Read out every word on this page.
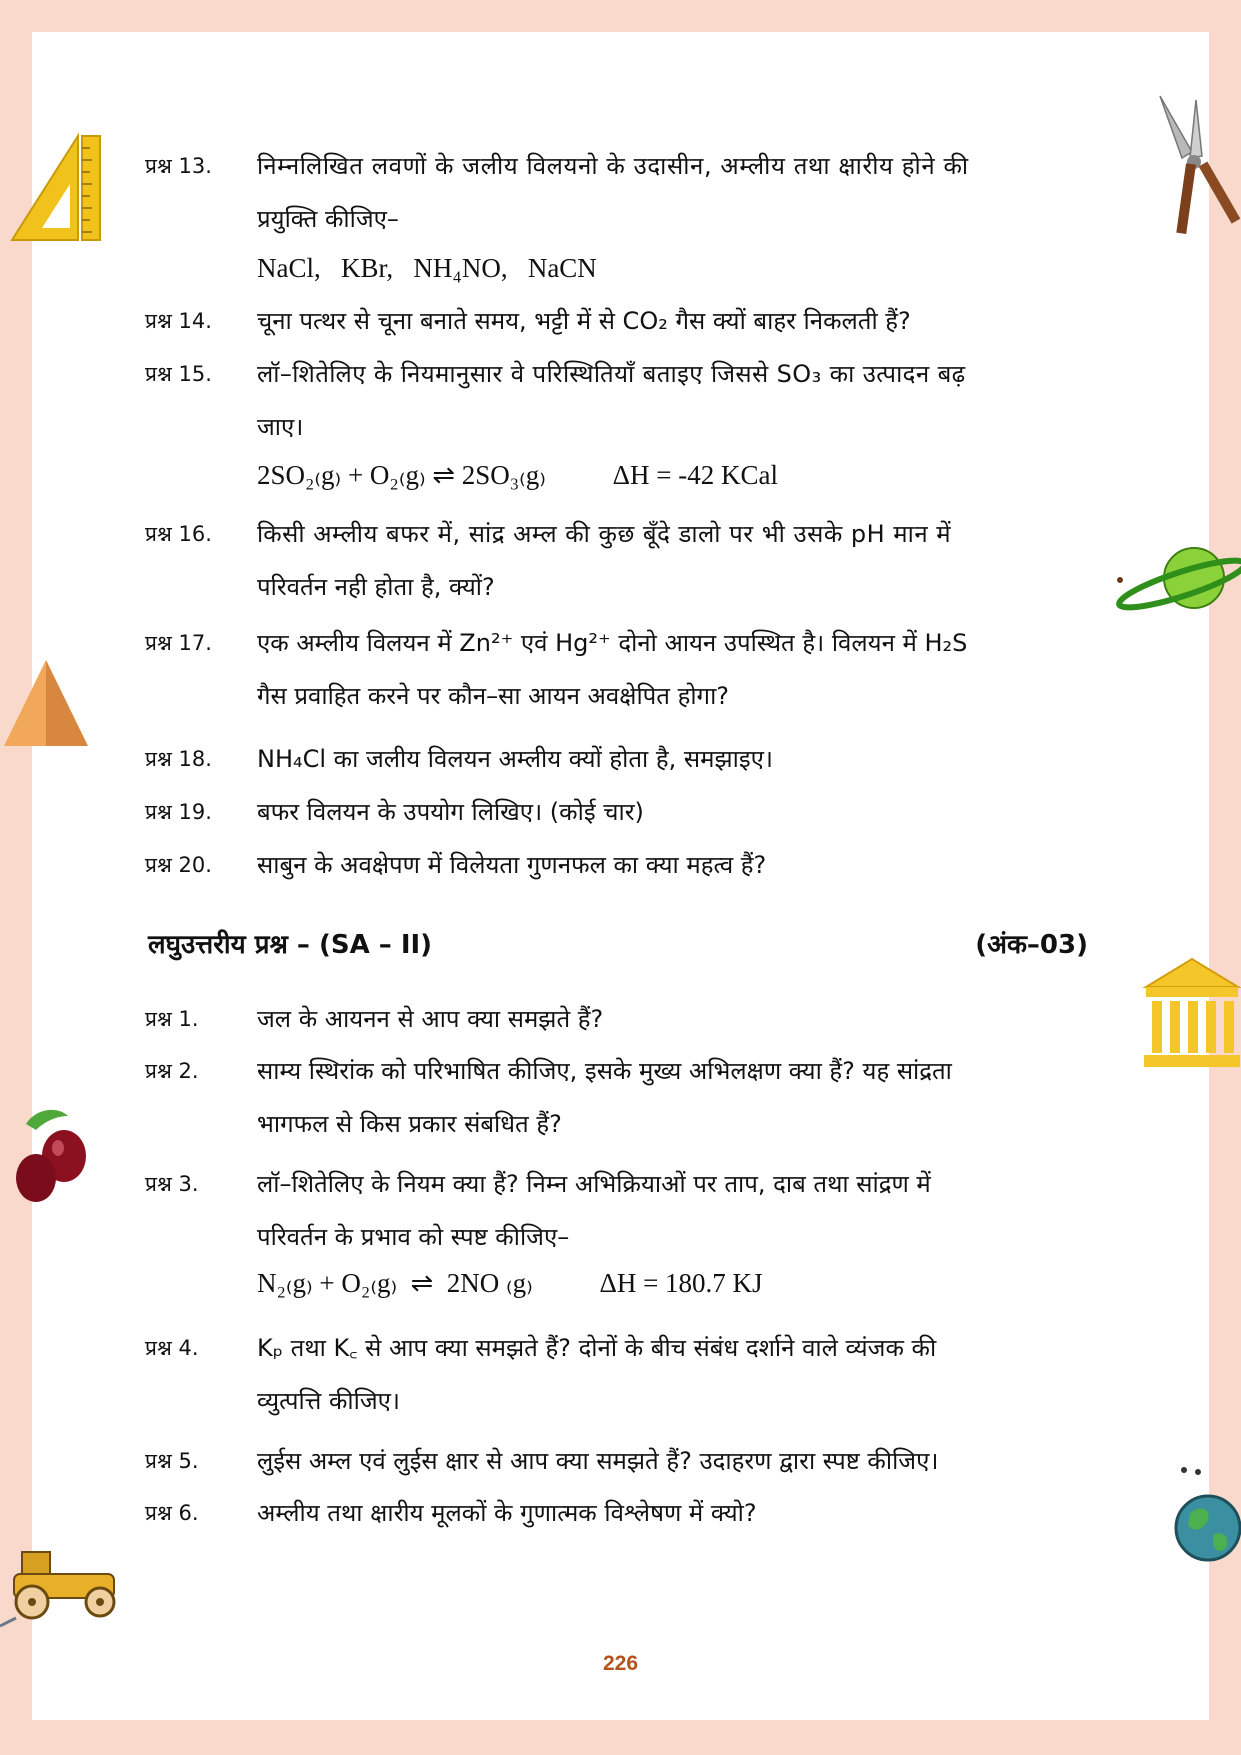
प्रश्न 13.	निम्नलिखित लवणों के जलीय विलयनो के उदासीन, अम्लीय तथा क्षारीय होने की
प्रयुक्ति कीजिए–
NaCl,   KBr,   NH₄NO,   NaCN
प्रश्न 14.	चूना पत्थर से चूना बनाते समय, भट्टी में से CO₂ गैस क्यों बाहर निकलती हैं?
प्रश्न 15.	लॉ–शितेलिए के नियमानुसार वे परिस्थितियाँ बताइए जिससे SO₃ का उत्पादन बढ़
जाए।
2SO₂₍g₎ + O₂₍g₎ ⇌ 2SO₃₍g₎ ΔH = -42 KCal
प्रश्न 16.	किसी अम्लीय बफर में, सांद्र अम्ल की कुछ बूँदे डालो पर भी उसके pH मान में
परिवर्तन नही होता है, क्यों?
प्रश्न 17.	एक अम्लीय विलयन में Zn²⁺ एवं Hg²⁺ दोनो आयन उपस्थित है। विलयन में H₂S
गैस प्रवाहित करने पर कौन–सा आयन अवक्षेपित होगा?
प्रश्न 18.	NH₄Cl का जलीय विलयन अम्लीय क्यों होता है, समझाइए।
प्रश्न 19.	बफर विलयन के उपयोग लिखिए। (कोई चार)
प्रश्न 20.	साबुन के अवक्षेपण में विलेयता गुणनफल का क्या महत्व हैं?
लघुउत्तरीय प्रश्न – (SA – II)	(अंक–03)
प्रश्न 1.	जल के आयनन से आप क्या समझते हैं?
प्रश्न 2.	साम्य स्थिरांक को परिभाषित कीजिए, इसके मुख्य अभिलक्षण क्या हैं? यह सांद्रता
भागफल से किस प्रकार संबधित हैं?
प्रश्न 3.	लॉ–शितेलिए के नियम क्या हैं? निम्न अभिक्रियाओं पर ताप, दाब तथा सांद्रण में
परिवर्तन के प्रभाव को स्पष्ट कीजिए–
N₂₍g₎ + O₂₍g₎  ⇌  2NO ₍g₎ ΔH = 180.7 KJ
प्रश्न 4.	Kₚ तथा K꜀ से आप क्या समझते हैं? दोनों के बीच संबंध दर्शाने वाले व्यंजक की
व्युत्पत्ति कीजिए।
प्रश्न 5.	लुईस अम्ल एवं लुईस क्षार से आप क्या समझते हैं? उदाहरण द्वारा स्पष्ट कीजिए।
प्रश्न 6.	अम्लीय तथा क्षारीय मूलकों के गुणात्मक विश्लेषण में क्यो?
226
